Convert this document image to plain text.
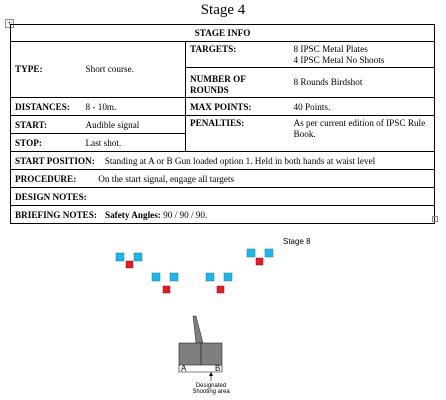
Stage 4
+
STAGE INFO			
TYPE:	Short course.	TARGETS:	8 IPSC Metal Plates
4 IPSC Metal No Shoots

		NUMBER OF
ROUNDS	8 Rounds Birdshot
DISTANCES:	8 - 10m.	MAX POINTS:	40 Points.
START:	Audible signal	PENALTIES:	As per current edition of IPSC Rule Book.
STOP:	Last shot.		
START POSITION: Standing at A or B Gun loaded option 1. Held in both hands at waist level			
PROCEDURE: On the start signal, engage all targets			
DESIGN NOTES:			
BRIEFING NOTES: Safety Angles: 90 / 90 / 90.			
Stage 8
A	B
Designated
Shooting area
